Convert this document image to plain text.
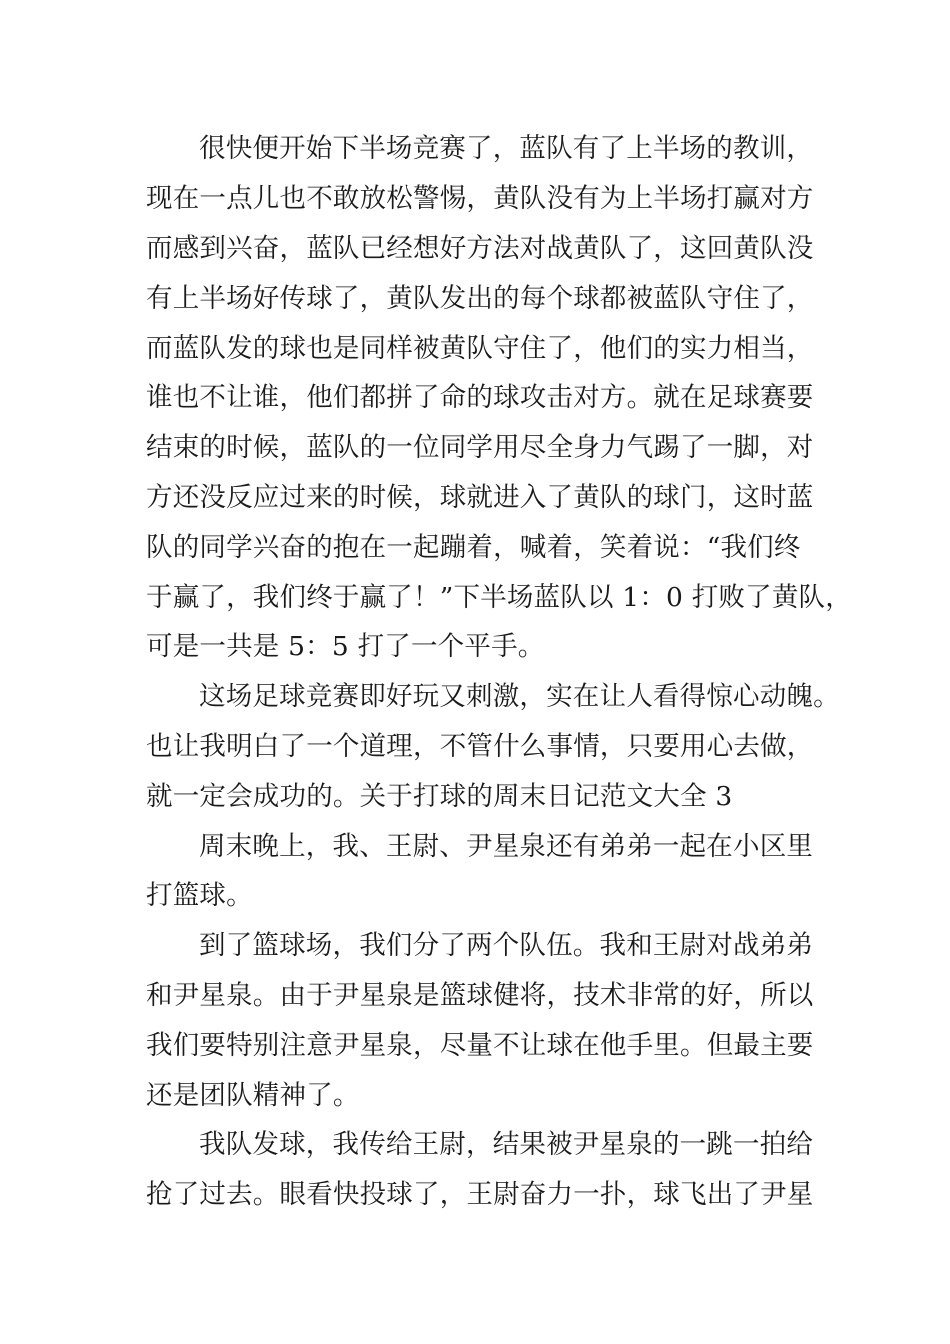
很快便开始下半场竞赛了，蓝队有了上半场的教训，
现在一点儿也不敢放松警惕，黄队没有为上半场打赢对方
而感到兴奋，蓝队已经想好方法对战黄队了，这回黄队没
有上半场好传球了，黄队发出的每个球都被蓝队守住了，
而蓝队发的球也是同样被黄队守住了，他们的实力相当，
谁也不让谁，他们都拼了命的球攻击对方。就在足球赛要
结束的时候，蓝队的一位同学用尽全身力气踢了一脚，对
方还没反应过来的时候，球就进入了黄队的球门，这时蓝
队的同学兴奋的抱在一起蹦着，喊着，笑着说：“我们终
于赢了，我们终于赢了！”下半场蓝队以 1：0 打败了黄队，
可是一共是 5：5 打了一个平手。
这场足球竞赛即好玩又刺激，实在让人看得惊心动魄。
也让我明白了一个道理，不管什么事情，只要用心去做，
就一定会成功的。关于打球的周末日记范文大全 3
周末晚上，我、王尉、尹星泉还有弟弟一起在小区里
打篮球。
到了篮球场，我们分了两个队伍。我和王尉对战弟弟
和尹星泉。由于尹星泉是篮球健将，技术非常的好，所以
我们要特别注意尹星泉，尽量不让球在他手里。但最主要
还是团队精神了。
我队发球，我传给王尉，结果被尹星泉的一跳一拍给
抢了过去。眼看快投球了，王尉奋力一扑，球飞出了尹星
